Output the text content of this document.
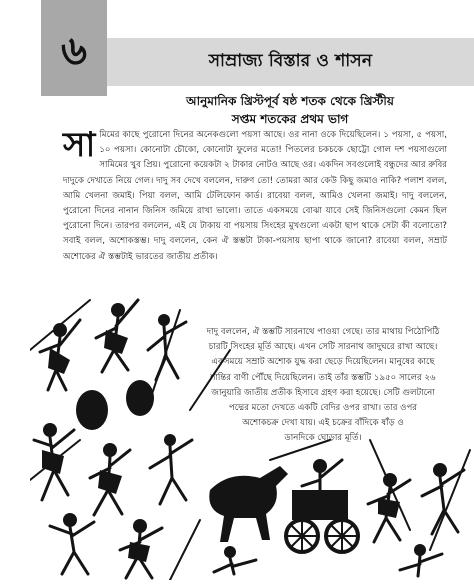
৬	সাম্রাজ্য বিস্তার ও শাসন
আনুমানিক খ্রিস্টপূর্ব ষষ্ঠ শতক থেকে খ্রিস্টীয়
সপ্তম শতকের প্রথম ভাগ
সা মিমের কাছে পুরোনো দিনের অনেকগুলো পয়সা আছে। ওর নানা ওকে দিয়েছিলেন। ১ পয়সা, ৫ পয়সা, ১০ পয়সা। কোনোটা চৌকো, কোনোটা ফুলের মতো! পিতলের চকচকে ছোট্টো গোল দশ পয়সাগুলো সামিমের খুব প্রিয়। পুরোনো কয়েকটা ২ টাকার নোটও আছে ওর। একদিন সবগুলোই বন্ধুদের আর রুবির দাদুকে দেখাতে নিয়ে গেল। দাদু সব দেখে বললেন, দারুণ তো! তোমরা আর কেউ কিছু জমাও নাকি? পলাশ বলল, আমি খেলনা জমাই। পিয়া বলল, আমি টেলিফোন কার্ড। রাবেয়া বলল, আমিও খেলনা জমাই। দাদু বললেন, পুরোনো দিনের নানান জিনিস জমিয়ে রাখা ভালো। তাতে একসময়ে বোঝা যাবে সেই জিনিসগুলো কেমন ছিল পুরোনো দিনে। তারপর বললেন, এই যে টাকায় বা পয়সায় সিংহের মুখগুলো একটা ছাপ থাকে সেটা কী বলোতো? সবাই বলল, অশোকস্তম্ভ। দাদু বললেন, কেন ঐ স্তম্ভটা টাকা-পয়সায় ছাপা থাকে জানো? রাবেয়া বলল, সম্রাট অশোকের ঐ স্তম্ভটাই ভারতের জাতীয় প্রতীক।
দাদু বললেন, ঐ স্তম্ভটি সারনাথে পাওয়া গেছে। তার মাথায় পিঠোপিঠি
চারটি সিংহের মূর্তি আছে। এখন সেটি সারনাথ জাদুঘরে রাখা আছে।
একসময়ে সম্রাট অশোক যুদ্ধ করা ছেড়ে দিয়েছিলেন। মানুষের কাছে
শান্তির বাণী পৌঁছে দিয়েছিলেন। তাই তাঁর স্তম্ভটি ১৯৫০ সালের ২৬
জানুয়ারি জাতীয় প্রতীক হিসাবে গ্রহণ করা হয়েছে। সেটি গুলটানো
পদ্মের মতো দেখতে একটি বেদির ওপর রাখা। তার ওপর
অশোকচক্র দেখা যায়। এই চক্রের বাঁদিকে ষাঁড় ও
ডানদিকে ঘোড়ার মূর্তি।
